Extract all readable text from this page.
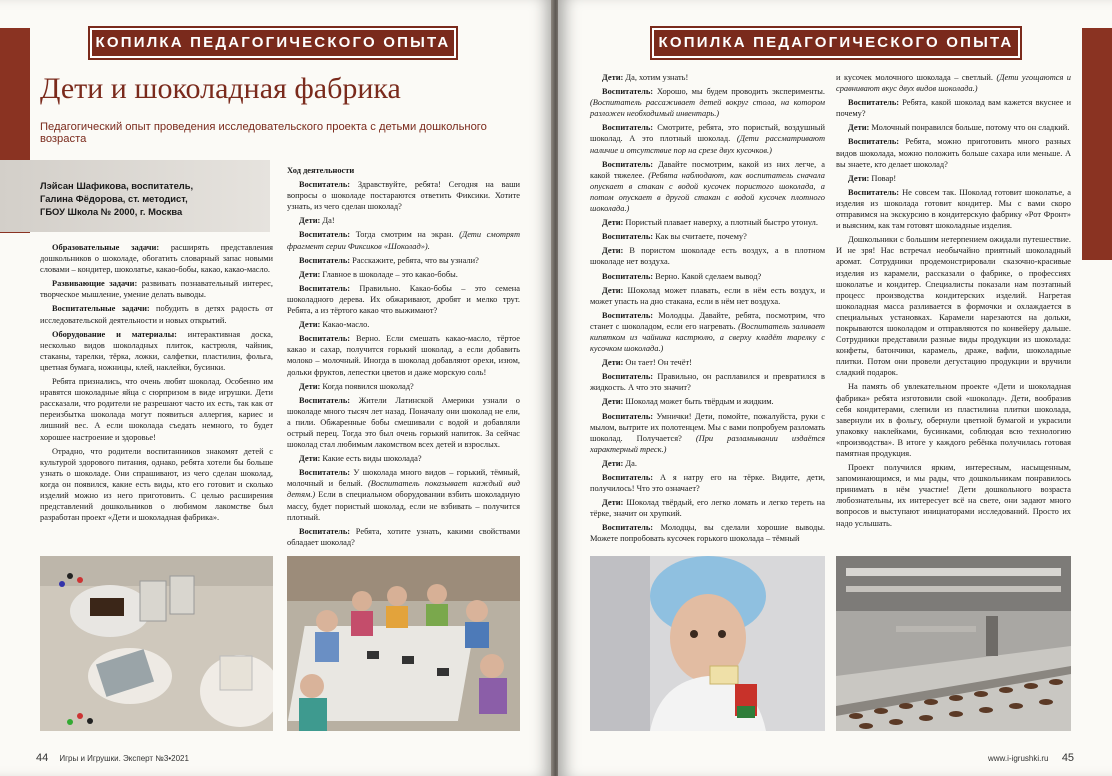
КОПИЛКА ПЕДАГОГИЧЕСКОГО ОПЫТА
Дети и шоколадная фабрика
Педагогический опыт проведения исследовательского проекта с детьми дошкольного возраста
Лэйсан Шафикова, воспитатель,
Галина Фёдорова, ст. методист,
ГБОУ Школа № 2000, г. Москва

Образовательные задачи: расширять представления дошкольников о шоколаде, обогатить словарный запас новыми словами – кондитер, шоколатье, какао-бобы, какао, какао-масло.

Развивающие задачи: развивать познавательный интерес, творческое мышление, умение делать выводы.

Воспитательные задачи: побудить в детях радость от исследовательской деятельности и новых открытий.

Оборудование и материалы: интерактивная доска, несколько видов шоколадных плиток, кастрюля, чайник, стаканы, тарелки, тёрка, ложки, салфетки, пластилин, фольга, цветная бумага, ножницы, клей, наклейки, бусинки.

Ребята признались, что очень любят шоколад. Особенно им нравятся шоколадные яйца с сюрпризом в виде игрушки. Дети рассказали, что родители не разрешают часто их есть, так как от переизбытка шоколада могут появиться аллергия, кариес и лишний вес. А если шоколада съедать немного, то будет хорошее настроение и здоровье!

Отрадно, что родители воспитанников знакомят детей с культурой здорового питания, однако, ребята хотели бы больше узнать о шоколаде. Они спрашивают, из чего сделан шоколад, когда он появился, какие есть виды, кто его готовит и сколько изделий можно из него приготовить. С целью расширения представлений дошкольников о любимом лакомстве был разработан проект «Дети и шоколадная фабрика».

Ход деятельности

Воспитатель: Здравствуйте, ребята! Сегодня на ваши вопросы о шоколаде постараются ответить Фиксики. Хотите узнать, из чего сделан шоколад?

Дети: Да!

Воспитатель: Тогда смотрим на экран. (Дети смотрят фрагмент серии Фиксиков «Шоколад»).

Воспитатель: Расскажите, ребята, что вы узнали?

Дети: Главное в шоколаде – это какао-бобы.

Воспитатель: Правильно. Какао-бобы – это семена шоколадного дерева. Их обжаривают, дробят и мелко трут. Ребята, а из тёртого какао что выжимают?

Дети: Какао-масло.

Воспитатель: Верно. Если смешать какао-масло, тёртое какао и сахар, получится горький шоколад, а если добавить молоко – молочный. Иногда в шоколад добавляют орехи, изюм, дольки фруктов, лепестки цветов и даже морскую соль!

Дети: Когда появился шоколад?

Воспитатель: Жители Латинской Америки узнали о шоколаде много тысяч лет назад. Поначалу они шоколад не ели, а пили. Обжаренные бобы смешивали с водой и добавляли острый перец. Тогда это был очень горький напиток. За сейчас шоколад стал любимым лакомством всех детей и взрослых.

Дети: Какие есть виды шоколада?

Воспитатель: У шоколада много видов – горький, тёмный, молочный и белый. (Воспитатель показывает каждый вид детям.) Если в специальном оборудовании взбить шоколадную массу, будет пористый шоколад, если не взбивать – получится плотный.

Воспитатель: Ребята, хотите узнать, какими свойствами обладает шоколад?

44 Игры и Игрушки. Эксперт №3•2021
КОПИЛКА ПЕДАГОГИЧЕСКОГО ОПЫТА

Дети: Да, хотим узнать!

Воспитатель: Хорошо, мы будем проводить эксперименты. (Воспитатель рассаживает детей вокруг стола, на котором разложен необходимый инвентарь.)

Воспитатель: Смотрите, ребята, это пористый, воздушный шоколад. А это плотный шоколад. (Дети рассматривают наличие и отсутствие пор на срезе двух кусочков.)

Воспитатель: Давайте посмотрим, какой из них легче, а какой тяжелее. (Ребята наблюдают, как воспитатель сначала опускает в стакан с водой кусочек пористого шоколада, а потом опускает в другой стакан с водой кусочек плотного шоколада.)

Дети: Пористый плавает наверху, а плотный быстро утонул.

Воспитатель: Как вы считаете, почему?

Дети: В пористом шоколаде есть воздух, а в плотном шоколаде нет воздуха.

Воспитатель: Верно. Какой сделаем вывод?

Дети: Шоколад может плавать, если в нём есть воздух, и может упасть на дно стакана, если в нём нет воздуха.

Воспитатель: Молодцы. Давайте, ребята, посмотрим, что станет с шоколадом, если его нагревать. (Воспитатель заливает кипятком из чайника кастрюлю, а сверху кладёт тарелку с кусочком шоколада.)

Дети: Он тает! Он течёт!

Воспитатель: Правильно, он расплавился и превратился в жидкость. А что это значит?

Дети: Шоколад может быть твёрдым и жидким.

Воспитатель: Умнички! Дети, помойте, пожалуйста, руки с мылом, вытрите их полотенцем. Мы с вами попробуем разломать шоколад. Получается? (При разламывании издаётся характерный треск.)

Дети: Да.

Воспитатель: А я натру его на тёрке. Видите, дети, получилось! Что это означает?

Дети: Шоколад твёрдый, его легко ломать и легко тереть на тёрке, значит он хрупкий.

Воспитатель: Молодцы, вы сделали хорошие выводы. Можете попробовать кусочек горького шоколада – тёмный

и кусочек молочного шоколада – светлый. (Дети угощаются и сравнивают вкус двух видов шоколада.)

Воспитатель: Ребята, какой шоколад вам кажется вкуснее и почему?

Дети: Молочный понравился больше, потому что он сладкий.

Воспитатель: Ребята, можно приготовить много разных видов шоколада, можно положить больше сахара или меньше. А вы знаете, кто делает шоколад?

Дети: Повар!

Воспитатель: Не совсем так. Шоколад готовит шоколатье, а изделия из шоколада готовит кондитер. Мы с вами скоро отправимся на экскурсию в кондитерскую фабрику «Рот Фронт» и выясним, как там готовят шоколадные изделия.

Дошкольники с большим нетерпением ожидали путешествие. И не зря! Нас встречал необычайно приятный шоколадный аромат. Сотрудники продемонстрировали сказочно-красивые изделия из карамели, рассказали о фабрике, о профессиях шоколатье и кондитер. Специалисты показали нам поэтапный процесс производства кондитерских изделий. Нагретая шоколадная масса разливается в формочки и охлаждается в специальных установках. Карамели нарезаются на дольки, покрываются шоколадом и отправляются по конвейеру дальше. Сотрудники представили разные виды продукции из шоколада: конфеты, батончики, карамель, драже, вафли, шоколадные плитки. Потом они провели дегустацию продукции и вручили сладкий подарок.

На память об увлекательном проекте «Дети и шоколадная фабрика» ребята изготовили свой «шоколад». Дети, вообразив себя кондитерами, слепили из пластилина плитки шоколада, завернули их в фольгу, обернули цветной бумагой и украсили упаковку наклейками, бусинками, соблюдая всю технологию «производства». В итоге у каждого ребёнка получилась готовая памятная продукция.

Проект получился ярким, интересным, насыщенным, запоминающимся, и мы рады, что дошкольникам понравилось принимать в нём участие! Дети дошкольного возраста любознательны, их интересует всё на свете, они задают много вопросов и выступают инициаторами исследований. Просто их надо услышать.

www.i-igrushki.ru 45
